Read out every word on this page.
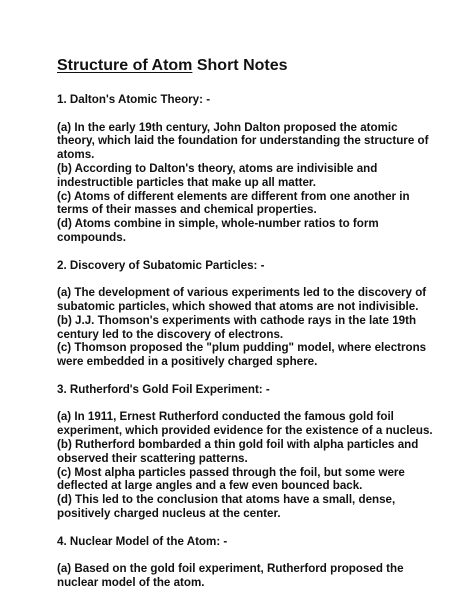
Structure of Atom Short Notes

1. Dalton's Atomic Theory: -

(a) In the early 19th century, John Dalton proposed the atomic

theory, which laid the foundation for understanding the structure of

atoms.

(b) According to Dalton's theory, atoms are indivisible and

indestructible particles that make up all matter.

(c) Atoms of different elements are different from one another in

terms of their masses and chemical properties.

(d) Atoms combine in simple, whole-number ratios to form

compounds.

2. Discovery of Subatomic Particles: -

(a) The development of various experiments led to the discovery of

subatomic particles, which showed that atoms are not indivisible.

(b) J.J. Thomson's experiments with cathode rays in the late 19th

century led to the discovery of electrons.

(c) Thomson proposed the "plum pudding" model, where electrons

were embedded in a positively charged sphere.

3. Rutherford's Gold Foil Experiment: -

(a) In 1911, Ernest Rutherford conducted the famous gold foil

experiment, which provided evidence for the existence of a nucleus.

(b) Rutherford bombarded a thin gold foil with alpha particles and

observed their scattering patterns.

(c) Most alpha particles passed through the foil, but some were

deflected at large angles and a few even bounced back.

(d) This led to the conclusion that atoms have a small, dense,

positively charged nucleus at the center.

4. Nuclear Model of the Atom: -

(a) Based on the gold foil experiment, Rutherford proposed the

nuclear model of the atom.
